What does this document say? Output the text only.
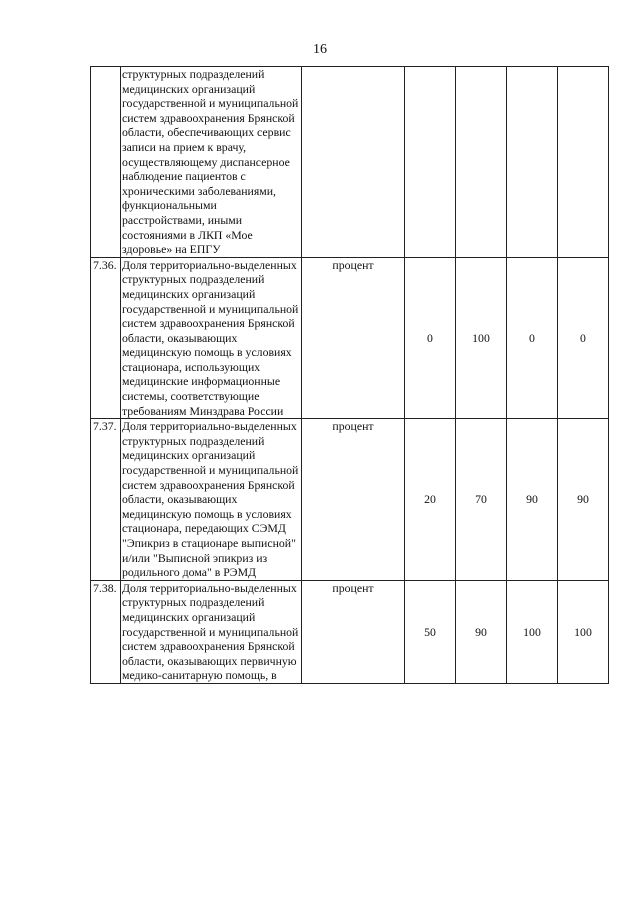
16
	структурных подразделений медицинских организаций государственной и муниципальной систем здравоохранения Брянской области, обеспечивающих сервис записи на прием к врачу, осуществляющему диспансерное наблюдение пациентов с хроническими заболеваниями, функциональными расстройствами, иными состояниями в ЛКП «Мое здоровье» на ЕПГУ					
7.36.	Доля территориально-выделенных структурных подразделений медицинских организаций государственной и муниципальной систем здравоохранения Брянской области, оказывающих медицинскую помощь в условиях стационара, использующих медицинские информационные системы, соответствующие требованиям Минздрава России	процент	0	100	0	0
7.37.	Доля территориально-выделенных структурных подразделений медицинских организаций государственной и муниципальной систем здравоохранения Брянской области, оказывающих медицинскую помощь в условиях стационара, передающих СЭМД "Эпикриз в стационаре выписной" и/или "Выписной эпикриз из родильного дома" в РЭМД	процент	20	70	90	90
7.38.	Доля территориально-выделенных структурных подразделений медицинских организаций государственной и муниципальной систем здравоохранения Брянской области, оказывающих первичную медико-санитарную помощь, в	процент	50	90	100	100
